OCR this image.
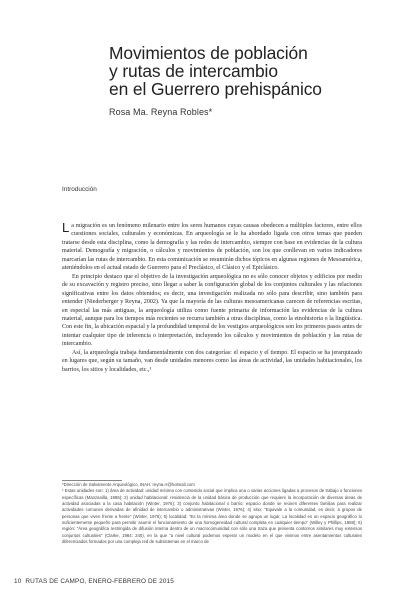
Movimientos de población
y rutas de intercambio
en el Guerrero prehispánico
Rosa Ma. Reyna Robles*
Introducción

La migración es un fenómeno milenario entre los seres humanos cuyas causas obedecen a múltiples factores, entre ellos cuestiones sociales, culturales y económicas. En arqueología se le ha abordado ligada con otros temas que pueden tratarse desde esta disciplina, como la demografía y las redes de intercambio, siempre con base en evidencias de la cultura material. Demografía y migración, o cálculos y movimientos de población, son los que conllevan en varios indicadores marcarían las rutas de intercambio. En esta comunicación se resumirán dichos tópicos en algunas regiones de Mesoamérica, ateniéndolos en el actual estado de Guerrero para el Preclásico, el Clásico y el Epiclásico.

En principio destaco que el objetivo de la investigación arqueológica no es sólo conocer objetos y edificios por medio de su excavación y registro preciso, sino llegar a saber la configuración global de los conjuntos culturales y las relaciones significativas entre los datos obtenidos; es decir, una investigación realizada no sólo para describir, sino también para entender (Niederberger y Reyna, 2002). Ya que la mayoría de las culturas mesoamericanas carecen de referencias escritas, en especial las más antiguas, la arqueología utiliza como fuente primaria de información las evidencias de la cultura material, aunque para los tiempos más recientes se recurra también a otras disciplinas, como la etnohistoria o la lingüística. Con este fin, la ubicación espacial y la profundidad temporal de los vestigios arqueológicos son los primeros pasos antes de intentar cualquier tipo de inferencia o interpretación, incluyendo los cálculos y movimientos de población y las rutas de intercambio.

Así, la arqueología trabaja fundamentalmente con dos categorías: el espacio y el tiempo. El espacio se ha jerarquizado en lugares que, según su tamaño, van desde unidades menores como las áreas de actividad, las unidades habitacionales, los barrios, los sitios y localidades, etc.,¹

*Dirección de Salvamento Arqueológico, INAH. reyna.rr@hotmail.com

¹ Estas unidades son: 1) área de actividad: unidad mínima con contenido social que implica una o varias acciones ligadas a procesos de trabajo o funciones específicas (Manzanilla, 1986); 2) unidad habitacional: residencia de la unidad básica de producción que requiere la incorporación de diversas áreas de actividad asociadas a la casa habitación (Winter, 1976); 3) conjunto habitacional o barrio: espacio donde se reúnen diferentes familias para realizar actividades comunes derivadas de afinidad de intercambio o administrativas (Winter, 1976); 4) sitio: "Equivale a la comunidad, es decir, a grupos de personas que viven frente a frente" (Winter, 1976); 5) localidad: "Es la mínima área donde se agrupa un lugar. La localidad es un espacio geográfico lo suficientemente pequeño para permitir asumir el funcionamiento de una homogeneidad cultural completa en cualquier tiempo" (Willey y Phillips, 1958); 6) región: "Área geográfica restringida de difusión interna dentro de un macrocomunidad con sólo una traza que presenta contornos similares muy extensos conjuntos culturales" (Clarke, 1984: 240), en la que "a nivel cultural podemos esperar un modelo en el que vivimos entre asentamientos culturales diferenciados formados por una compleja red de subsistemas en el marco de

10 RUTAS DE CAMPO, ENERO-FEBRERO DE 2015
